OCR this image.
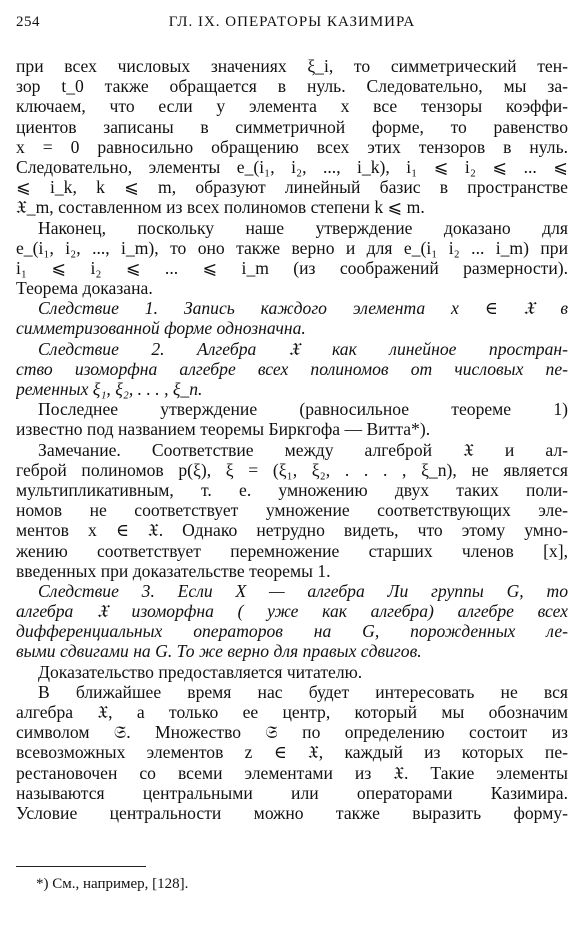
254	ГЛ. IX. ОПЕРАТОРЫ КАЗИМИРА
при всех числовых значениях ξ_i, то симметрический тен-
зор t_0 также обращается в нуль. Следовательно, мы за-
ключаем, что если у элемента x все тензоры коэффи-
циентов записаны в симметричной форме, то равенство
x = 0 равносильно обращению всех этих тензоров в нуль.
Следовательно, элементы e_(i₁, i₂, ..., i_k), i₁ ⩽ i₂ ⩽ ... ⩽
⩽ i_k, k ⩽ m, образуют линейный базис в пространстве
𝔛_m, составленном из всех полиномов степени k ⩽ m.
Наконец, поскольку наше утверждение доказано для
e_(i₁, i₂, ..., i_m), то оно также верно и для e_(i₁ i₂ ... i_m) при
i₁ ⩽ i₂ ⩽ ... ⩽ i_m (из соображений размерности).
Теорема доказана.
Следствие 1. Запись каждого элемента x ∈ 𝔛 в
симметризованной форме однозначна.
Следствие 2. Алгебра 𝔛 как линейное простран-
ство изоморфна алгебре всех полиномов от числовых пе-
ременных ξ₁, ξ₂, . . . , ξ_n.
Последнее утверждение (равносильное теореме 1)
известно под названием теоремы Биркгофа — Витта*).
Замечание. Соответствие между алгеброй 𝔛 и ал-
геброй полиномов p(ξ), ξ = (ξ₁, ξ₂, . . . , ξ_n), не является
мультипликативным, т. е. умножению двух таких поли-
номов не соответствует умножение соответствующих эле-
ментов x ∈ 𝔛. Однако нетрудно видеть, что этому умно-
жению соответствует перемножение старших членов [x],
введенных при доказательстве теоремы 1.
Следствие 3. Если X — алгебра Ли группы G, то
алгебра 𝔛 изоморфна ( уже как алгебра) алгебре всех
дифференциальных операторов на G, порожденных ле-
выми сдвигами на G. То же верно для правых сдвигов.
Доказательство предоставляется читателю.
В ближайшее время нас будет интересовать не вся
алгебра 𝔛, а только ее центр, который мы обозначим
символом 𝔖. Множество 𝔖 по определению состоит из
всевозможных элементов z ∈ 𝔛, каждый из которых пе-
рестановочен со всеми элементами из 𝔛. Такие элементы
называются центральными или операторами Казимира.
Условие центральности можно также выразить форму-
*) См., например, [128].
